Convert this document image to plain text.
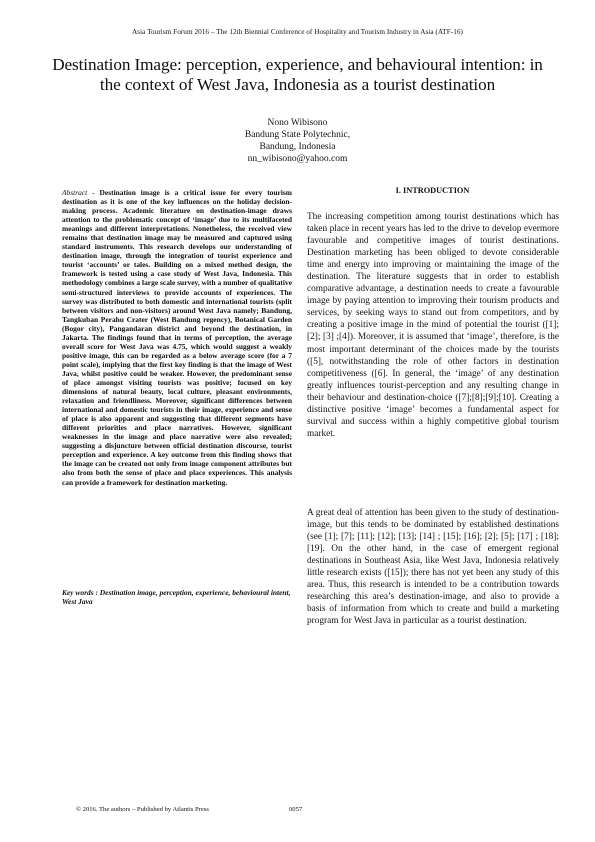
Asia Tourism Forum 2016 – The 12th Biennial Conference of Hospitality and Tourism Industry in Asia (ATF-16)
Destination Image: perception, experience, and behavioural intention: in
the context of West Java, Indonesia as a tourist destination
Nono Wibisono
Bandung State Polytechnic,
Bandung, Indonesia
nn_wibisono@yahoo.com
Abstract - Destination image is a critical issue for every tourism destination as it is one of the key influences on the holiday decision-making process. Academic literature on destination-image draws attention to the problematic concept of ‘image’ due to its multifaceted meanings and different interpretations. Nonetheless, the received view remains that destination image may be measured and captured using standard instruments. This research develops our understanding of destination image, through the integration of tourist experience and tourist ‘accounts’ or tales. Building on a mixed method design, the framework is tested using a case study of West Java, Indonesia. This methodology combines a large scale survey, with a number of qualitative semi-structured interviews to provide accounts of experiences. The survey was distributed to both domestic and international tourists (split between visitors and non-visitors) around West Java namely; Bandung, Tangkuban Perahu Crater (West Bandung regency), Botanical Garden (Bogor city), Pangandaran district and beyond the destination, in Jakarta. The findings found that in terms of perception, the average overall score for West Java was 4.75, which would suggest a weakly positive image, this can be regarded as a below average score (for a 7 point scale), implying that the first key finding is that the image of West Java, whilst positive could be weaker. However, the predominant sense of place amongst visiting tourists was positive; focused on key dimensions of natural beauty, local culture, pleasant environments, relaxation and friendliness. Moreover, significant differences between international and domestic tourists in their image, experience and sense of place is also apparent and suggesting that different segments have different priorities and place narratives. However, significant weaknesses in the image and place narrative were also revealed; suggesting a disjuncture between official destination discourse, tourist perception and experience. A key outcome from this finding shows that the image can be created not only from image component attributes but also from both the sense of place and place experiences. This analysis can provide a framework for destination marketing.
Key words : Destination image, perception, experience, behavioural intent, West Java
I. INTRODUCTION
The increasing competition among tourist destinations which has taken place in recent years has led to the drive to develop evermore favourable and competitive images of tourist destinations. Destination marketing has been obliged to devote considerable time and energy into improving or maintaining the image of the destination. The literature suggests that in order to establish comparative advantage, a destination needs to create a favourable image by paying attention to improving their tourism products and services, by seeking ways to stand out from competitors, and by creating a positive image in the mind of potential the tourist ([1]; [2]; [3] ;[4]). Moreover, it is assumed that ‘image’, therefore, is the most important determinant of the choices made by the tourists ([5], notwithstanding the role of other factors in destination competitiveness ([6]. In general, the ‘image’ of any destination greatly influences tourist-perception and any resulting change in their behaviour and destination-choice ([7];[8];[9];[10]. Creating a distinctive positive ‘image’ becomes a fundamental aspect for survival and success within a highly competitive global tourism market.
A great deal of attention has been given to the study of destination-image, but this tends to be dominated by established destinations (see [1]; [7]; [11]; [12]; [13]; [14] ; [15]; [16]; [2]; [5]; [17] ; [18]; [19]. On the other hand, in the case of emergent regional destinations in Southeast Asia, like West Java, Indonesia relatively little research exists ([15]); there has not yet been any study of this area. Thus, this research is intended to be a contribution towards researching this area’s destination-image, and also to provide a basis of information from which to create and build a marketing program for West Java in particular as a tourist destination.
© 2016. The authors – Published by Atlantis Press	0057
